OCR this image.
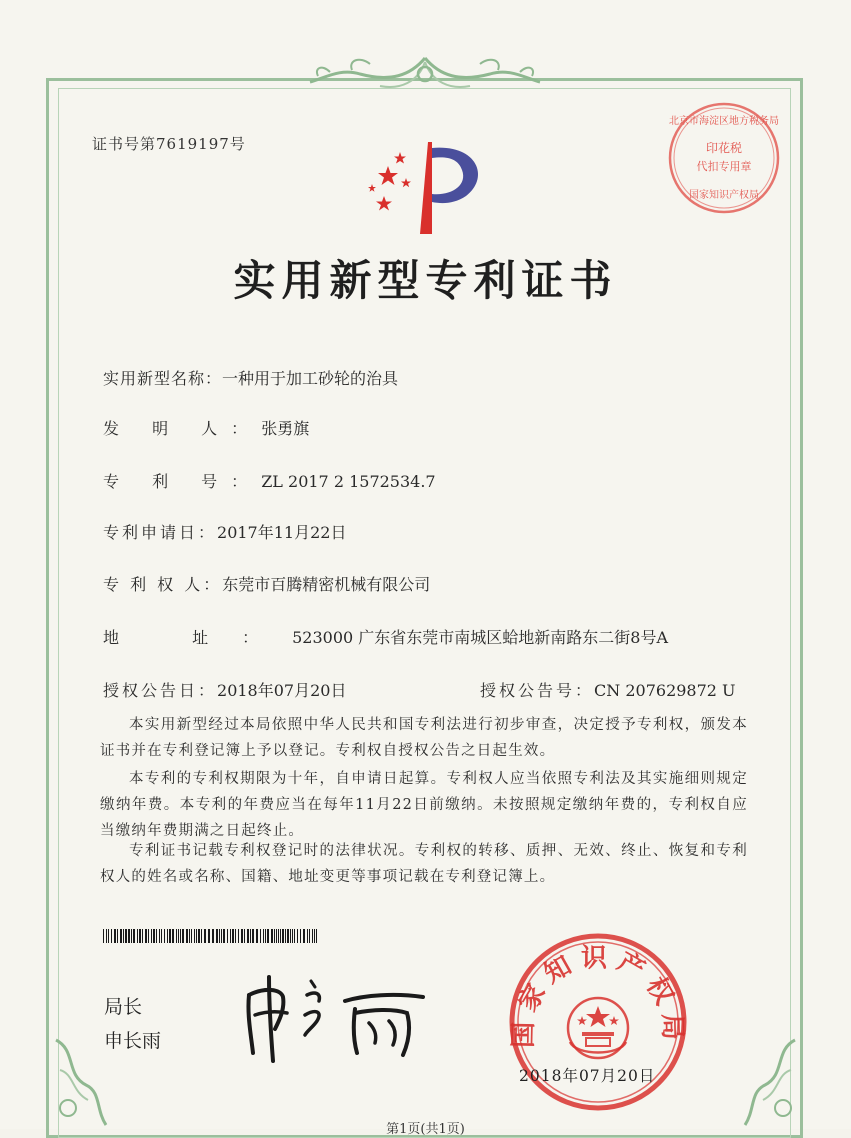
证书号第7619197号
北京市海淀区地方税务局
印花税
代扣专用章
国家知识产权局
实用新型专利证书
实用新型名称：一种用于加工砂轮的治具
发 明 人：张勇旗
专 利 号：ZL 2017 2 1572534.7
专利申请日：2017年11月22日
专 利 权 人：东莞市百腾精密机械有限公司
地 址：523000 广东省东莞市南城区蛤地新南路东二街8号A
授权公告日：2018年07月20日	授权公告号：CN 207629872 U
本实用新型经过本局依照中华人民共和国专利法进行初步审查，决定授予专利权，颁发本证书并在专利登记簿上予以登记。专利权自授权公告之日起生效。
本专利的专利权期限为十年，自申请日起算。专利权人应当依照专利法及其实施细则规定缴纳年费。本专利的年费应当在每年11月22日前缴纳。未按照规定缴纳年费的，专利权自应当缴纳年费期满之日起终止。
专利证书记载专利权登记时的法律状况。专利权的转移、质押、无效、终止、恢复和专利权人的姓名或名称、国籍、地址变更等事项记载在专利登记簿上。
局长
申长雨	国家知识产权局
2018年07月20日
第1页(共1页)
